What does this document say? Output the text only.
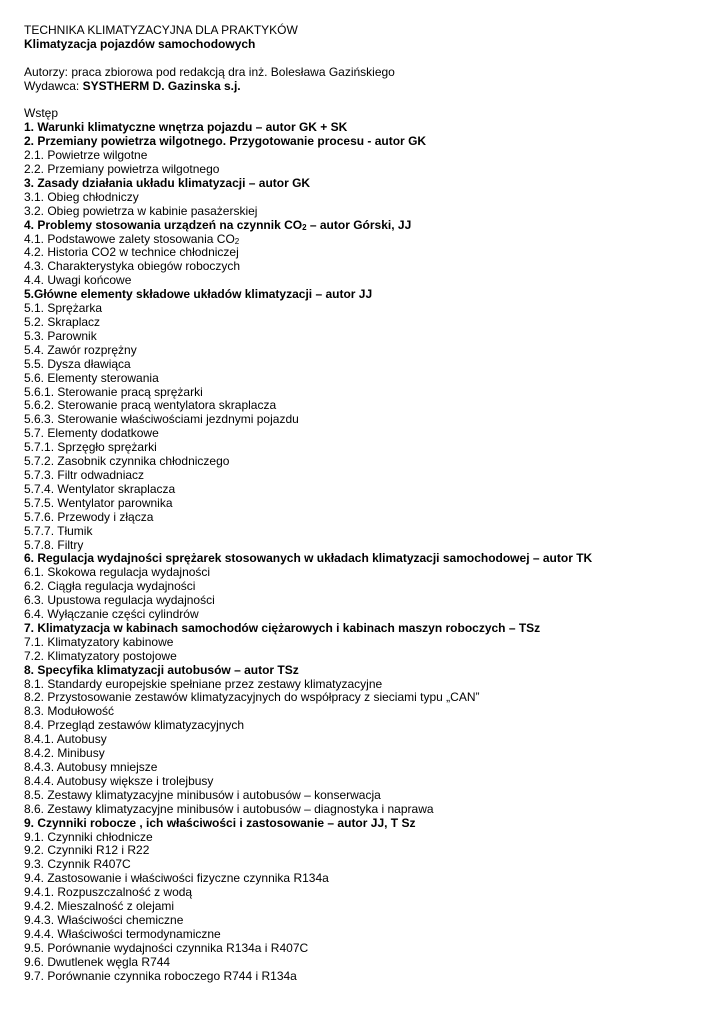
TECHNIKA KLIMATYZACYJNA DLA PRAKTYKÓW
Klimatyzacja pojazdów samochodowych
Autorzy: praca zbiorowa pod redakcją dra inż. Bolesława Gazińskiego
Wydawca: SYSTHERM D. Gazinska s.j.
Wstęp
1. Warunki klimatyczne wnętrza pojazdu – autor GK + SK
2. Przemiany powietrza wilgotnego. Przygotowanie procesu - autor GK
2.1. Powietrze wilgotne
2.2. Przemiany powietrza wilgotnego
3. Zasady działania układu klimatyzacji – autor GK
3.1. Obieg chłodniczy
3.2. Obieg powietrza w kabinie pasażerskiej
4. Problemy stosowania urządzeń na czynnik $CO_2$ – autor Górski, JJ
4.1. Podstawowe zalety stosowania $CO_2$
4.2. Historia CO2 w technice chłodniczej
4.3. Charakterystyka obiegów roboczych
4.4. Uwagi końcowe
5.Główne elementy składowe układów klimatyzacji – autor JJ
5.1. Sprężarka
5.2. Skraplacz
5.3. Parownik
5.4. Zawór rozprężny
5.5. Dysza dławiąca
5.6. Elementy sterowania
5.6.1. Sterowanie pracą sprężarki
5.6.2. Sterowanie pracą wentylatora skraplacza
5.6.3. Sterowanie właściwościami jezdnymi pojazdu
5.7. Elementy dodatkowe
5.7.1. Sprzęgło sprężarki
5.7.2. Zasobnik czynnika chłodniczego
5.7.3. Filtr odwadniacz
5.7.4. Wentylator skraplacza
5.7.5. Wentylator parownika
5.7.6. Przewody i złącza
5.7.7. Tłumik
5.7.8. Filtry
6. Regulacja wydajności sprężarek stosowanych w układach klimatyzacji samochodowej – autor TK
6.1. Skokowa regulacja wydajności
6.2. Ciągła regulacja wydajności
6.3. Upustowa regulacja wydajności
6.4. Wyłączanie części cylindrów
7. Klimatyzacja w kabinach samochodów ciężarowych i kabinach maszyn roboczych – TSz
7.1. Klimatyzatory kabinowe
7.2. Klimatyzatory postojowe
8. Specyfika klimatyzacji autobusów – autor TSz
8.1. Standardy europejskie spełniane przez zestawy klimatyzacyjne
8.2. Przystosowanie zestawów klimatyzacyjnych do współpracy z sieciami typu „CAN”
8.3. Modułowość
8.4. Przegląd zestawów klimatyzacyjnych
8.4.1. Autobusy
8.4.2. Minibusy
8.4.3. Autobusy mniejsze
8.4.4. Autobusy większe i trolejbusy
8.5. Zestawy klimatyzacyjne minibusów i autobusów – konserwacja
8.6. Zestawy klimatyzacyjne minibusów i autobusów – diagnostyka i naprawa
9. Czynniki robocze , ich właściwości i zastosowanie – autor JJ, T Sz
9.1. Czynniki chłodnicze
9.2. Czynniki R12 i R22
9.3. Czynnik R407C
9.4. Zastosowanie i właściwości fizyczne czynnika R134a
9.4.1. Rozpuszczalność z wodą
9.4.2. Mieszalność z olejami
9.4.3. Właściwości chemiczne
9.4.4. Właściwości termodynamiczne
9.5. Porównanie wydajności czynnika R134a i R407C
9.6. Dwutlenek węgla R744
9.7. Porównanie czynnika roboczego R744 i R134a
